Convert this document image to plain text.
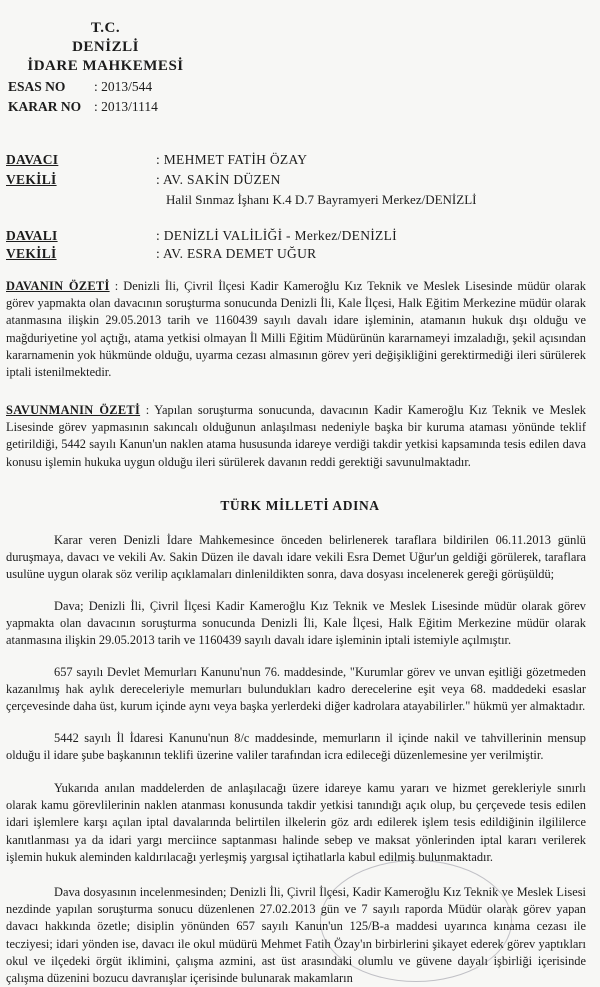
T.C.
DENİZLİ
İDARE MAHKEMESİ
ESAS NO : 2013/544
KARAR NO : 2013/1114
DAVACI	: MEHMET FATİH ÖZAY
VEKİLİ	: AV. SAKİN DÜZEN
Halil Sınmaz İşhanı K.4 D.7 Bayramyeri Merkez/DENİZLİ
DAVALI	: DENİZLİ VALİLİĞİ - Merkez/DENİZLİ
VEKİLİ	: AV. ESRA DEMET UĞUR
DAVANIN ÖZETİ : Denizli İli, Çivril İlçesi Kadir Kameroğlu Kız Teknik ve Meslek Lisesinde müdür olarak görev yapmakta olan davacının soruşturma sonucunda Denizli İli, Kale İlçesi, Halk Eğitim Merkezine müdür olarak atanmasına ilişkin 29.05.2013 tarih ve 1160439 sayılı davalı idare işleminin, atamanın hukuk dışı olduğu ve mağduriyetine yol açtığı, atama yetkisi olmayan İl Milli Eğitim Müdürünün kararnameyi imzaladığı, şekil açısından kararnamenin yok hükmünde olduğu, uyarma cezası almasının görev yeri değişikliğini gerektirmediği ileri sürülerek iptali istenilmektedir.
SAVUNMANIN ÖZETİ : Yapılan soruşturma sonucunda, davacının Kadir Kameroğlu Kız Teknik ve Meslek Lisesinde görev yapmasının sakıncalı olduğunun anlaşılması nedeniyle başka bir kuruma ataması yönünde teklif getirildiği, 5442 sayılı Kanun'un naklen atama hususunda idareye verdiği takdir yetkisi kapsamında tesis edilen dava konusu işlemin hukuka uygun olduğu ileri sürülerek davanın reddi gerektiği savunulmaktadır.
TÜRK MİLLETİ ADINA
Karar veren Denizli İdare Mahkemesince önceden belirlenerek taraflara bildirilen 06.11.2013 günlü duruşmaya, davacı ve vekili Av. Sakin Düzen ile davalı idare vekili Esra Demet Uğur'un geldiği görülerek, taraflara usulüne uygun olarak söz verilip açıklamaları dinlenildikten sonra, dava dosyası incelenerek gereği görüşüldü;
Dava; Denizli İli, Çivril İlçesi Kadir Kameroğlu Kız Teknik ve Meslek Lisesinde müdür olarak görev yapmakta olan davacının soruşturma sonucunda Denizli İli, Kale İlçesi, Halk Eğitim Merkezine müdür olarak atanmasına ilişkin 29.05.2013 tarih ve 1160439 sayılı davalı idare işleminin iptali istemiyle açılmıştır.
657 sayılı Devlet Memurları Kanunu'nun 76. maddesinde, "Kurumlar görev ve unvan eşitliği gözetmeden kazanılmış hak aylık dereceleriyle memurları bulundukları kadro derecelerine eşit veya 68. maddedeki esaslar çerçevesinde daha üst, kurum içinde aynı veya başka yerlerdeki diğer kadrolara atayabilirler." hükmü yer almaktadır.
5442 sayılı İl İdaresi Kanunu'nun 8/c maddesinde, memurların il içinde nakil ve tahvillerinin mensup olduğu il idare şube başkanının teklifi üzerine valiler tarafından icra edileceği düzenlemesine yer verilmiştir.
Yukarıda anılan maddelerden de anlaşılacağı üzere idareye kamu yararı ve hizmet gerekleriyle sınırlı olarak kamu görevlilerinin naklen atanması konusunda takdir yetkisi tanındığı açık olup, bu çerçevede tesis edilen idari işlemlere karşı açılan iptal davalarında belirtilen ilkelerin göz ardı edilerek işlem tesis edildiğinin ilgililerce kanıtlanması ya da idari yargı merciince saptanması halinde sebep ve maksat yönlerinden iptal kararı verilerek işlemin hukuk aleminden kaldırılacağı yerleşmiş yargısal içtihatlarla kabul edilmiş bulunmaktadır.
Dava dosyasının incelenmesinden; Denizli İli, Çivril İlçesi, Kadir Kameroğlu Kız Teknik ve Meslek Lisesi nezdinde yapılan soruşturma sonucu düzenlenen 27.02.2013 gün ve 7 sayılı raporda Müdür olarak görev yapan davacı hakkında özetle; disiplin yönünden 657 sayılı Kanun'un 125/B-a maddesi uyarınca kınama cezası ile tecziyesi; idari yönden ise, davacı ile okul müdürü Mehmet Fatih Özay'ın birbirlerini şikayet ederek görev yaptıkları okul ve ilçedeki örgüt iklimini, çalışma azmini, ast üst arasındaki olumlu ve güvene dayalı işbirliği içerisinde çalışma düzenini bozucu davranışlar içerisinde bulunarak makamların
